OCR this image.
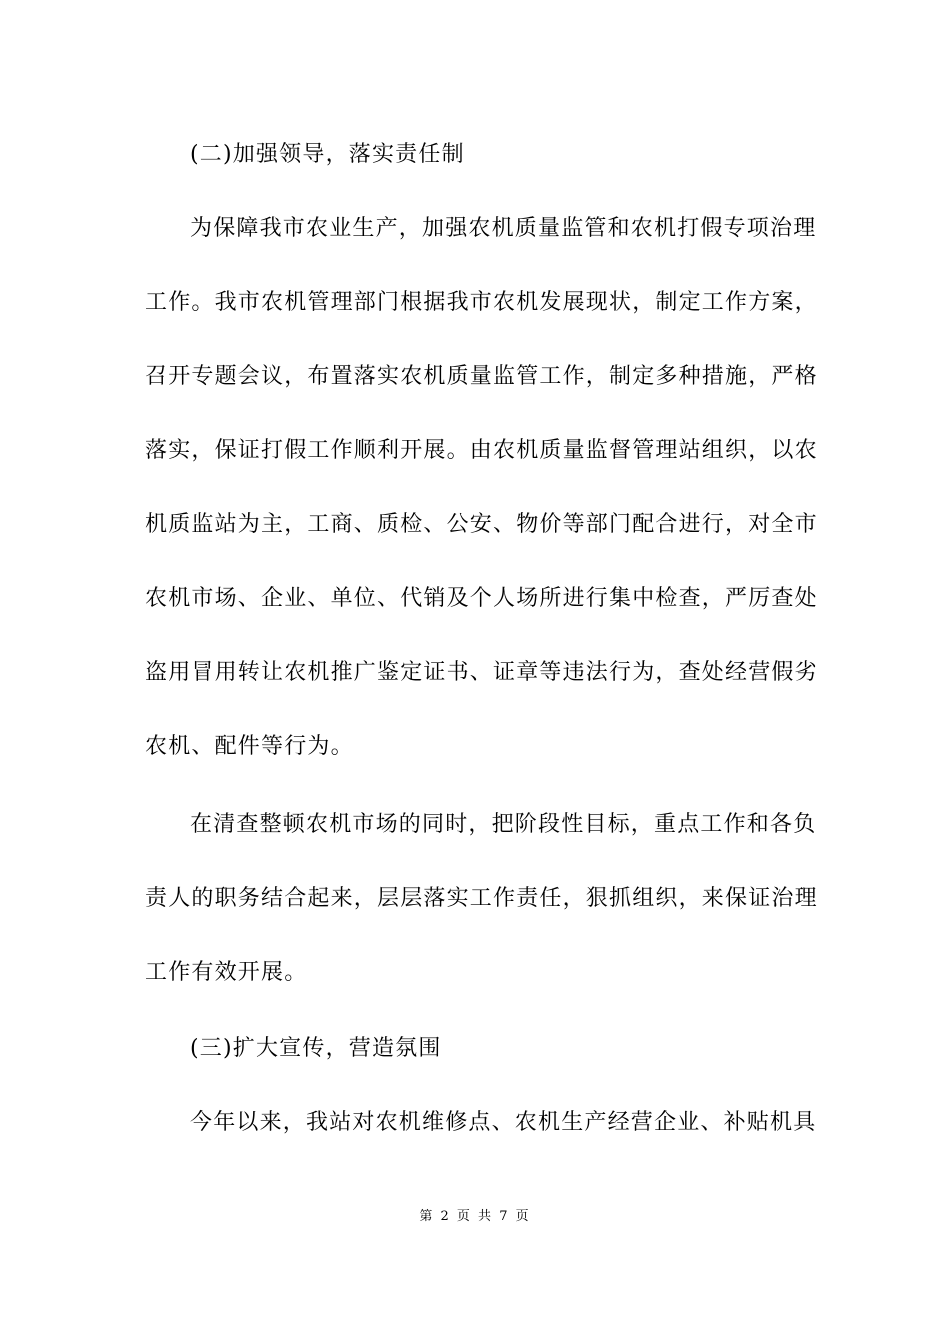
(二)加强领导，落实责任制
为保障我市农业生产，加强农机质量监管和农机打假专项治理
工作。我市农机管理部门根据我市农机发展现状，制定工作方案，
召开专题会议，布置落实农机质量监管工作，制定多种措施，严格
落实，保证打假工作顺利开展。由农机质量监督管理站组织，以农
机质监站为主，工商、质检、公安、物价等部门配合进行，对全市
农机市场、企业、单位、代销及个人场所进行集中检查，严厉查处
盗用冒用转让农机推广鉴定证书、证章等违法行为，查处经营假劣
农机、配件等行为。
在清查整顿农机市场的同时，把阶段性目标，重点工作和各负
责人的职务结合起来，层层落实工作责任，狠抓组织，来保证治理
工作有效开展。
(三)扩大宣传，营造氛围
今年以来，我站对农机维修点、农机生产经营企业、补贴机具
第 2 页 共 7 页
